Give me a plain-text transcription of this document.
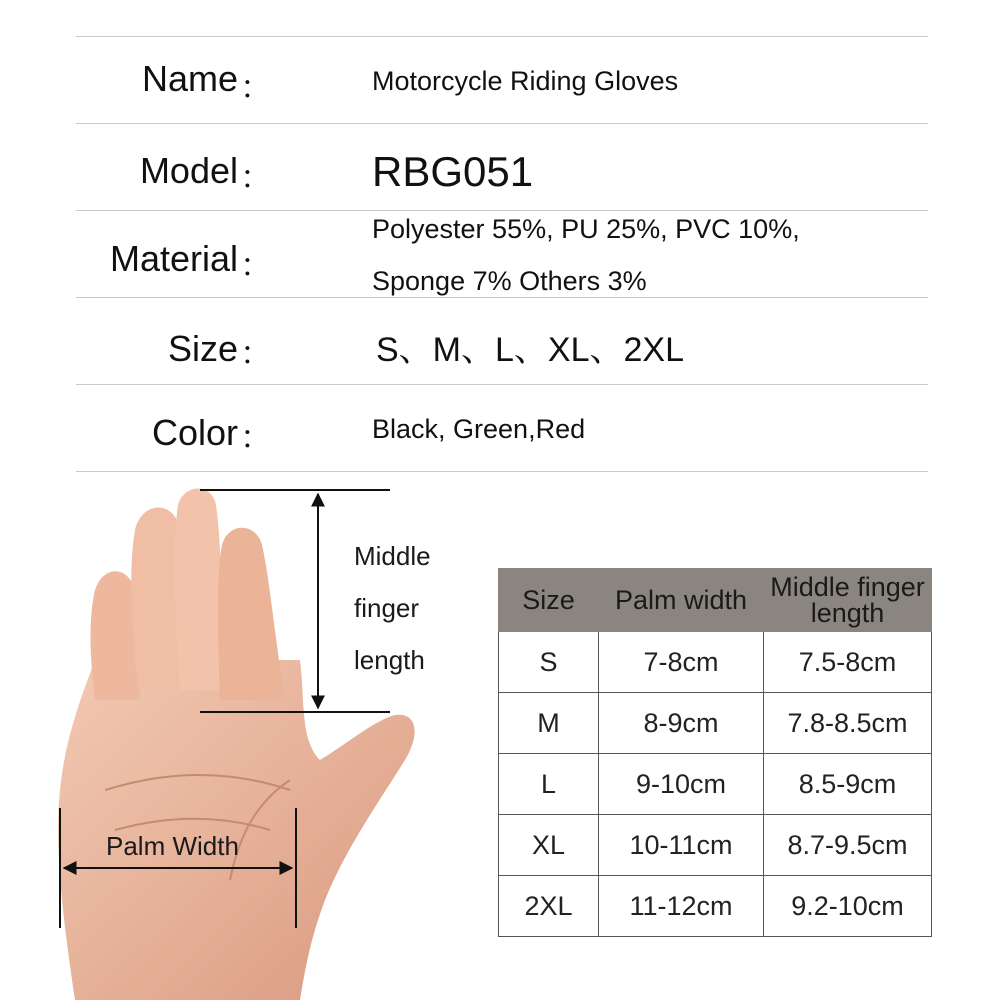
Name ：	Motorcycle Riding Gloves
Model ： RBG051
Material ：
Polyester 55%, PU 25%, PVC 10%,
Sponge 7% Others 3%
Size ：	S、M、L、XL、2XL
Color ：	Black, Green,Red
Middle
finger
length
Palm Width
Size	Palm width	Middle finger
length

S	7-8cm	7.5-8cm
M	8-9cm	7.8-8.5cm
L	9-10cm	8.5-9cm
XL	10-11cm	8.7-9.5cm
2XL	11-12cm	9.2-10cm
